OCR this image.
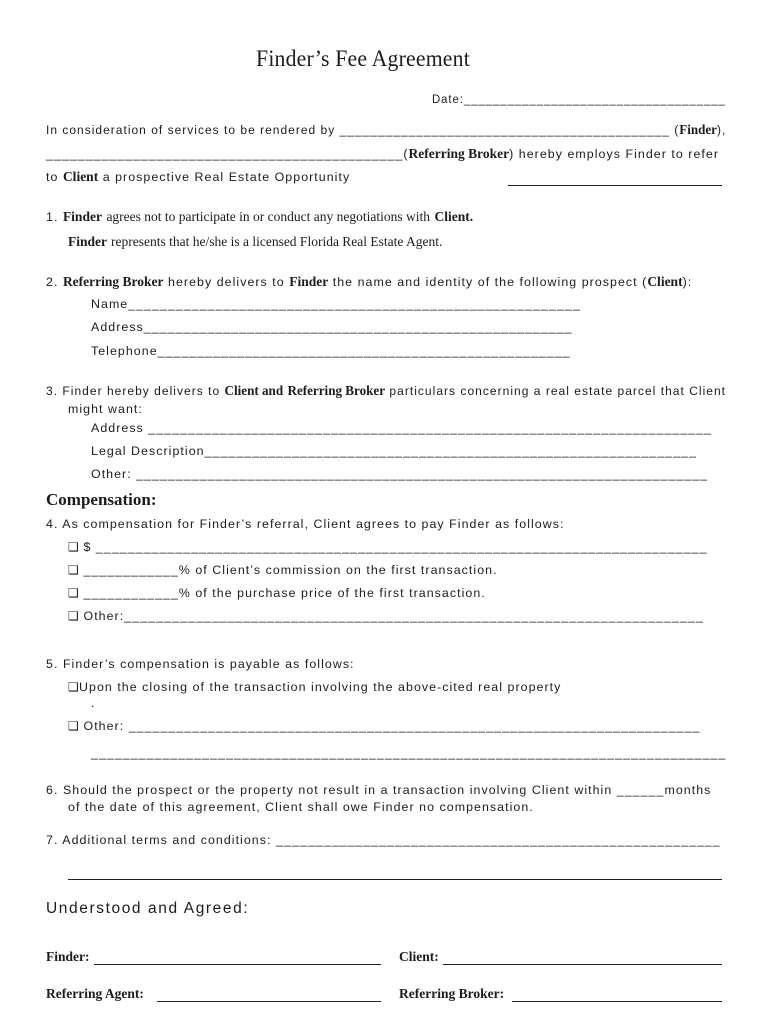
Finder’s Fee Agreement
Date:____________________________________
In consideration of services to be rendered by ___________________________________________ (Finder),
_____________________________________________(Referring Broker) hereby employs Finder to refer
to Client a prospective Real Estate Opportunity
1. Finder agrees not to participate in or conduct any negotiations with Client.
Finder represents that he/she is a licensed Florida Real Estate Agent.
2. Referring Broker hereby delivers to Finder the name and identity of the following prospect (Client):
Name_________________________________________________________
Address______________________________________________________
Telephone____________________________________________________
3. Finder hereby delivers to Client and Referring Broker particulars concerning a real estate parcel that Client
might want:
Address _______________________________________________________________________
Legal Description______________________________________________________________
Other: ________________________________________________________________________
Compensation:
4. As compensation for Finder’s referral, Client agrees to pay Finder as follows:
❑ $ _____________________________________________________________________________
❑ ____________% of Client’s commission on the first transaction.
❑ ____________% of the purchase price of the first transaction.
❑ Other:_________________________________________________________________________
5. Finder’s compensation is payable as follows:
❑Upon the closing of the transaction involving the above-cited real property
.
❑ Other: ________________________________________________________________________
________________________________________________________________________________
6. Should the prospect or the property not result in a transaction involving Client within ______months
of the date of this agreement, Client shall owe Finder no compensation.
7. Additional terms and conditions: ________________________________________________________
Understood and Agreed:
Finder:	Client:
Referring Agent:	Referring Broker:
